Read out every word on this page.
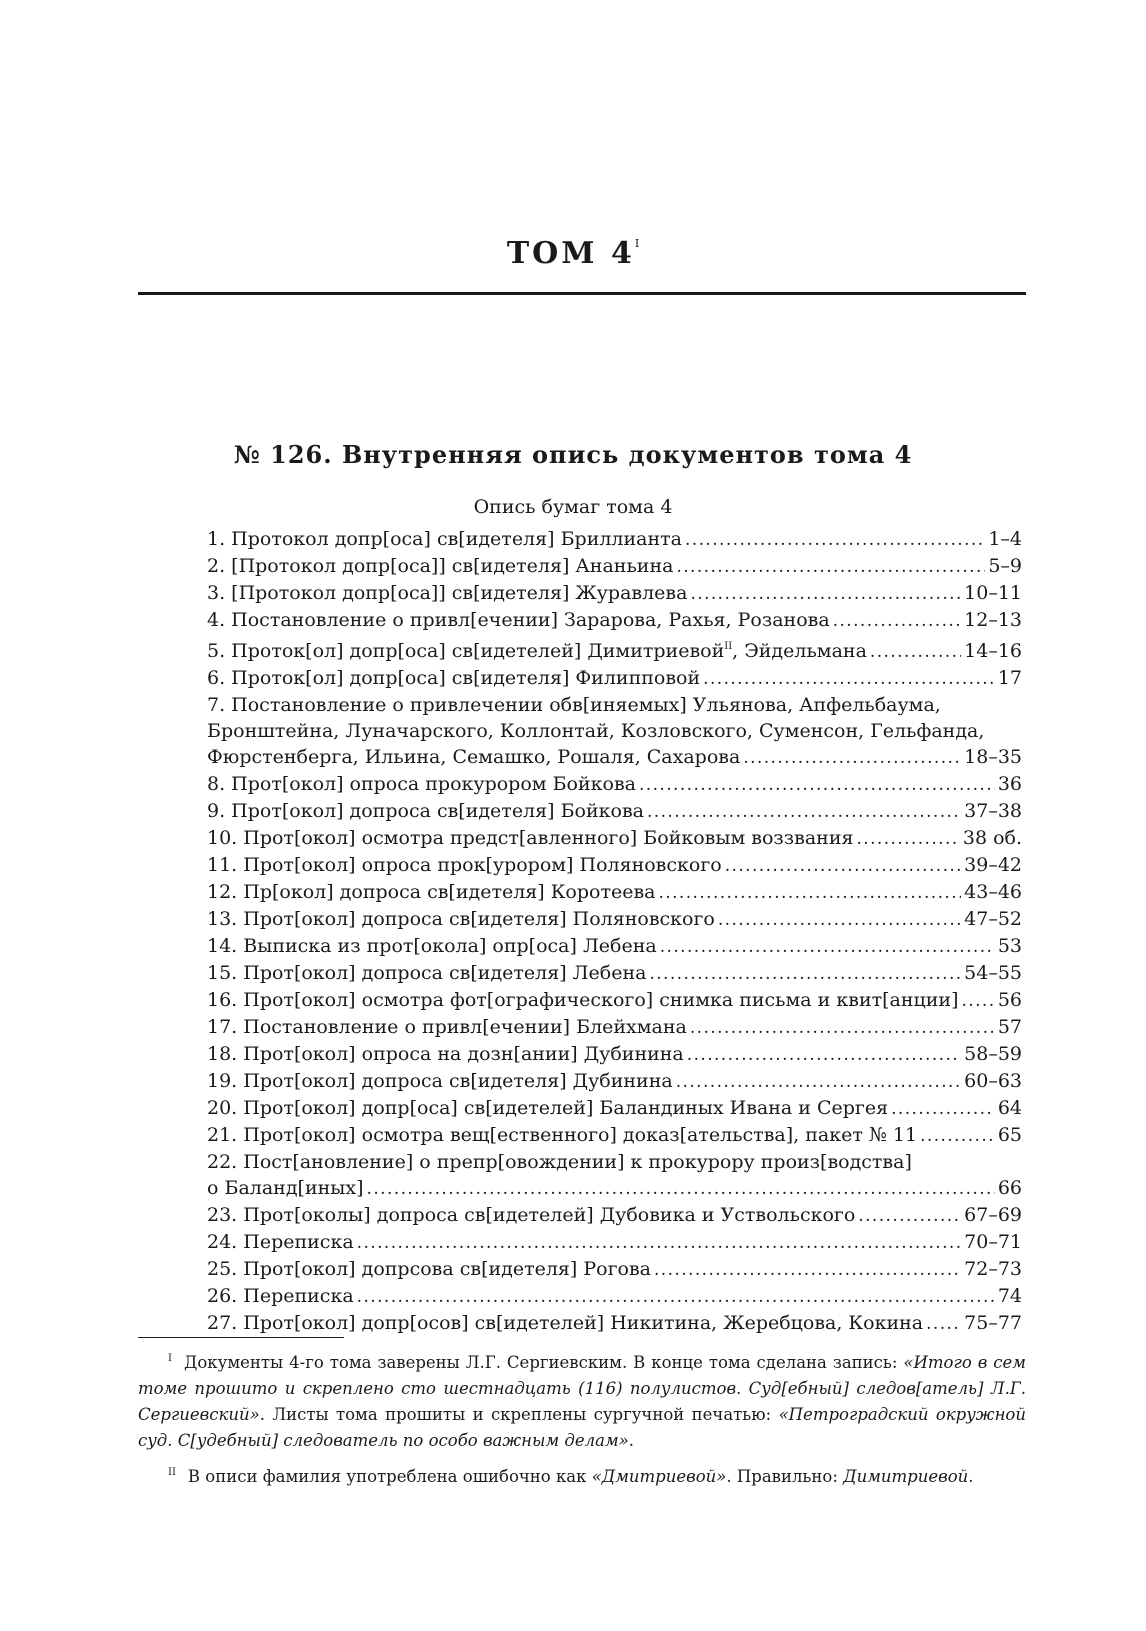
ТОМ $4^I$
№ 126. Внутренняя опись документов тома 4
Опись бумаг тома 4
1. Протокол допр[оса] св[идетеля] Бриллианта . . .	1–4
2. [Протокол допр[оса]] св[идетеля] Ананьина . . .	5–9
3. [Протокол допр[оса]] св[идетеля] Журавлева . . .	10–11
4. Постановление о привл[ечении] Зарарова, Рахья, Розанова . . .	12–13
5. Проток[ол] допр[оса] св[идетелей] Димитриевой$^{II}$, Эйдельмана . . .	14–16
6. Проток[ол] допр[оса] св[идетеля] Филипповой . . .	17
7. Постановление о привлечении обв[иняемых] Ульянова, Апфельбаума,
Бронштейна, Луначарского, Коллонтай, Козловского, Суменсон, Гельфанда,
Фюрстенберга, Ильина, Семашко, Рошаля, Сахарова . . .	18–35
8. Прот[окол] опроса прокурором Бойкова . . .	36
9. Прот[окол] допроса св[идетеля] Бойкова . . .	37–38
10. Прот[окол] осмотра предст[авленного] Бойковым воззвания . . .	38 об.
11. Прот[окол] опроса прок[урором] Поляновского . . .	39–42
12. Пр[окол] допроса св[идетеля] Коротеева . . .	43–46
13. Прот[окол] допроса св[идетеля] Поляновского . . .	47–52
14. Выписка из прот[окола] опр[оса] Лебена . . .	53
15. Прот[окол] допроса св[идетеля] Лебена . . .	54–55
16. Прот[окол] осмотра фот[ографического] снимка письма и квит[анции] . . . 56
17. Постановление о привл[ечении] Блейхмана . . .	57
18. Прот[окол] опроса на дозн[ании] Дубинина . . .	58–59
19. Прот[окол] допроса св[идетеля] Дубинина . . .	60–63
20. Прот[окол] допр[оса] св[идетелей] Баландиных Ивана и Сергея . . .	64
21. Прот[окол] осмотра вещ[ественного] доказ[ательства], пакет № 11 . . .	65
22. Пост[ановление] о препр[овождении] к прокурору произ[водства]
о Баланд[иных] . . .	66
23. Прот[околы] допроса св[идетелей] Дубовика и Уствольского . . .	67–69
24. Переписка . . .	70–71
25. Прот[окол] допрсова св[идетеля] Рогова . . .	72–73
26. Переписка . . .	74
27. Прот[окол] допр[осов] св[идетелей] Никитина, Жеребцова, Кокина . . . 75–77

$^I$ Документы 4-го тома заверены Л.Г. Сергиевским. В конце тома сделана запись: «Итого в сем томе прошито и скреплено сто шестнадцать (116) полулистов. Суд[ебный] следов[атель] Л.Г. Сергиевский». Листы тома прошиты и скреплены сургучной печатью: «Петроградский окружной суд. С[удебный] следователь по особо важным делам».

$^{II}$ В описи фамилия употреблена ошибочно как «Дмитриевой». Правильно: Димитриевой.
